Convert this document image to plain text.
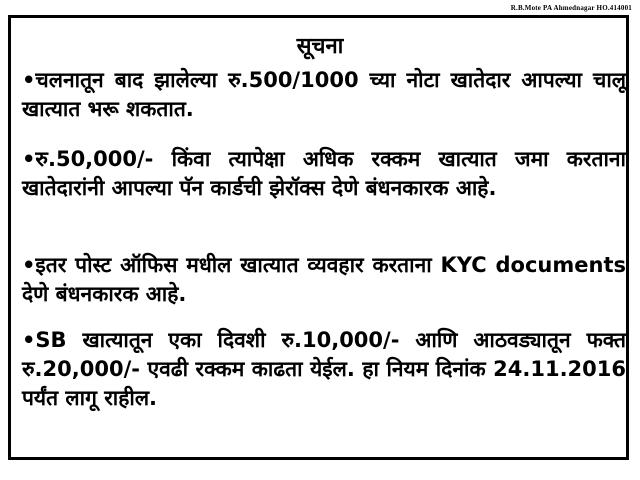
R.B.Mote PA Ahmednagar HO.414001
सूचना
•चलनातून बाद झालेल्या रु.500/1000 च्या नोटा खातेदार आपल्या चालू खात्यात भरू शकतात.
•रु.50,000/- किंवा त्यापेक्षा अधिक रक्कम खात्यात जमा करताना खातेदारांनी आपल्या पॅन कार्डची झेरॉक्स देणे बंधनकारक आहे.
•इतर पोस्ट ऑफिस मधील खात्यात व्यवहार करताना KYC documents देणे बंधनकारक आहे.
•SB खात्यातून एका दिवशी रु.10,000/- आणि आठवड्यातून फक्त रु.20,000/- एवढी रक्कम काढता येईल. हा नियम दिनांक 24.11.2016 पर्यंत लागू राहील.
